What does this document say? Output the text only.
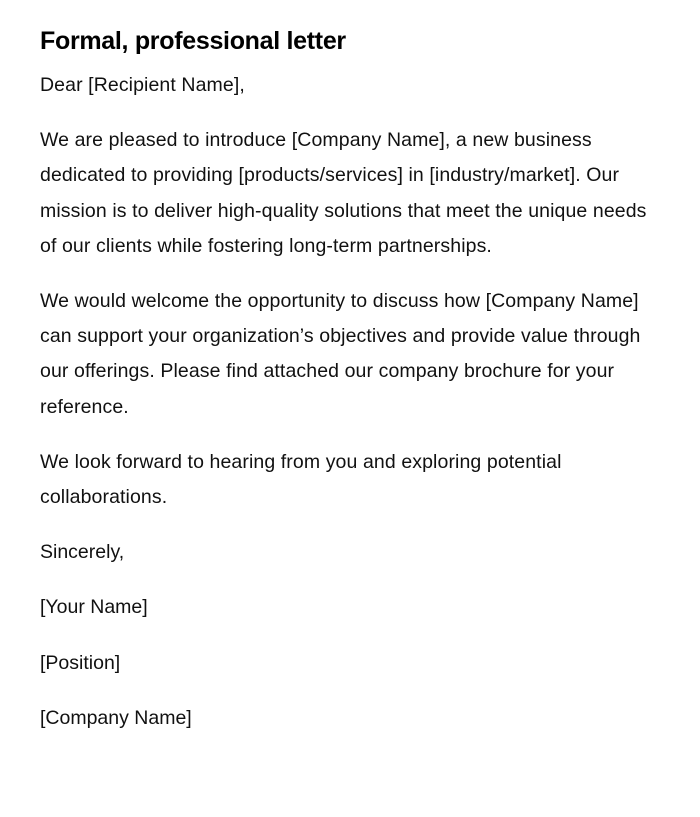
Formal, professional letter

Dear [Recipient Name],

We are pleased to introduce [Company Name], a new business dedicated to providing [products/services] in [industry/market]. Our mission is to deliver high-quality solutions that meet the unique needs of our clients while fostering long-term partnerships.

We would welcome the opportunity to discuss how [Company Name] can support your organization’s objectives and provide value through our offerings. Please find attached our company brochure for your reference.

We look forward to hearing from you and exploring potential collaborations.

Sincerely,

[Your Name]

[Position]

[Company Name]
